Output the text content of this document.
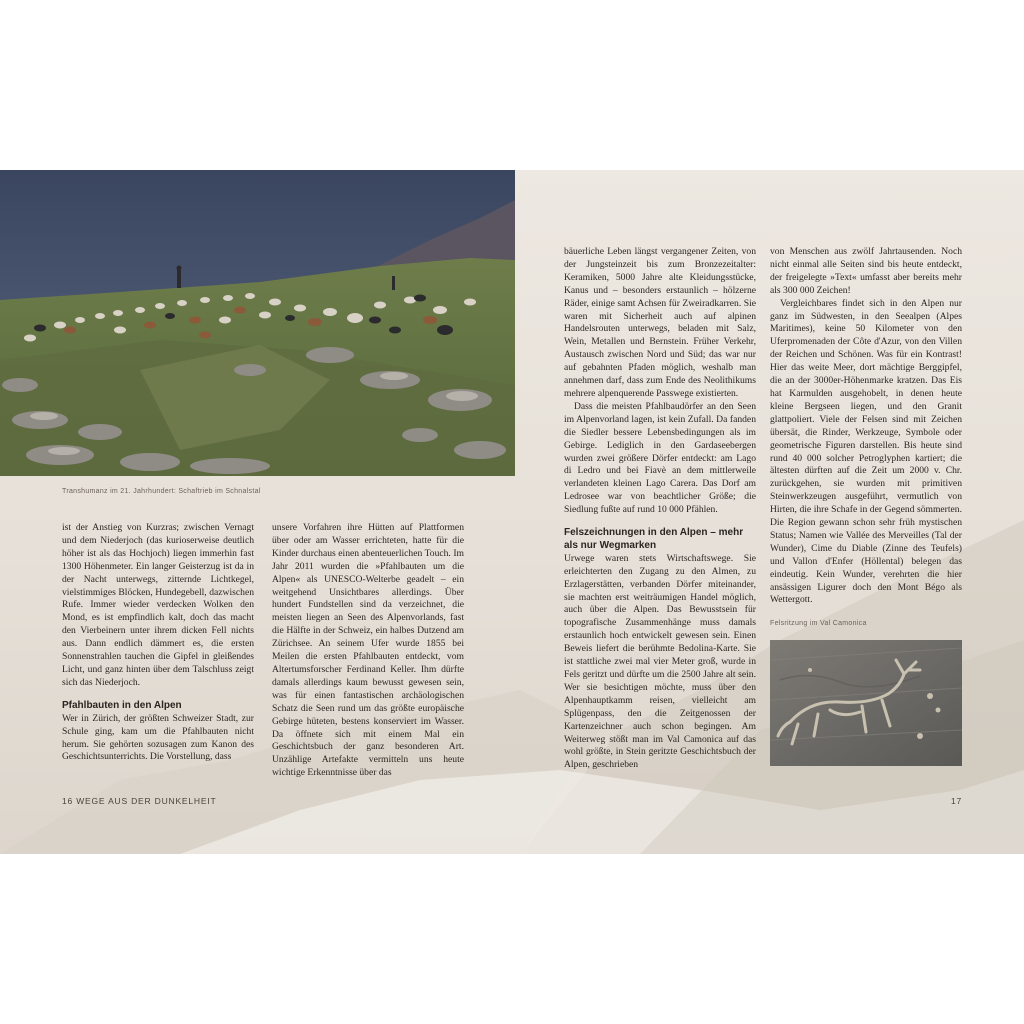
Transhumanz im 21. Jahrhundert: Schaftrieb im Schnalstal

ist der Anstieg von Kurzras; zwischen Vernagt und dem Niederjoch (das kurioserweise deutlich höher ist als das Hochjoch) liegen immerhin fast 1300 Höhenmeter. Ein langer Geisterzug ist da in der Nacht unterwegs, zitternde Lichtkegel, vielstimmiges Blöcken, Hundegebell, dazwischen Rufe. Immer wieder verdecken Wolken den Mond, es ist empfindlich kalt, doch das macht den Vierbeinern unter ihrem dicken Fell nichts aus. Dann endlich dämmert es, die ersten Sonnenstrahlen tauchen die Gipfel in gleißendes Licht, und ganz hinten über dem Talschluss zeigt sich das Niederjoch.

Pfahlbauten in den Alpen

Wer in Zürich, der größten Schweizer Stadt, zur Schule ging, kam um die Pfahlbauten nicht herum. Sie gehörten sozusagen zum Kanon des Geschichtsunterrichts. Die Vorstellung, dass

unsere Vorfahren ihre Hütten auf Plattformen über oder am Wasser errichteten, hatte für die Kinder durchaus einen abenteuerlichen Touch. Im Jahr 2011 wurden die »Pfahlbauten um die Alpen« als UNESCO-Welterbe geadelt – ein weitgehend Unsichtbares allerdings. Über hundert Fundstellen sind da verzeichnet, die meisten liegen an Seen des Alpenvorlands, fast die Hälfte in der Schweiz, ein halbes Dutzend am Zürichsee. An seinem Ufer wurde 1855 bei Meilen die ersten Pfahlbauten entdeckt, vom Altertumsforscher Ferdinand Keller. Ihm dürfte damals allerdings kaum bewusst gewesen sein, was für einen fantastischen archäologischen Schatz die Seen rund um das größte europäische Gebirge hüteten, bestens konserviert im Wasser. Da öffnete sich mit einem Mal ein Geschichtsbuch der ganz besonderen Art. Unzählige Artefakte vermitteln uns heute wichtige Erkenntnisse über das

bäuerliche Leben längst vergangener Zeiten, von der Jungsteinzeit bis zum Bronzezeitalter: Keramiken, 5000 Jahre alte Kleidungsstücke, Kanus und – besonders erstaunlich – hölzerne Räder, einige samt Achsen für Zweiradkarren. Sie waren mit Sicherheit auch auf alpinen Handelsrouten unterwegs, beladen mit Salz, Wein, Metallen und Bernstein. Früher Verkehr, Austausch zwischen Nord und Süd; das war nur auf gebahnten Pfaden möglich, weshalb man annehmen darf, dass zum Ende des Neolithikums mehrere alpenquerende Passwege existierten.

Dass die meisten Pfahlbaudörfer an den Seen im Alpenvorland lagen, ist kein Zufall. Da fanden die Siedler bessere Lebensbedingungen als im Gebirge. Lediglich in den Gardaseebergen wurden zwei größere Dörfer entdeckt: am Lago di Ledro und bei Fiavè an dem mittlerweile verlandeten kleinen Lago Carera. Das Dorf am Ledrosee war von beachtlicher Größe; die Siedlung fußte auf rund 10 000 Pfählen.

Felszeichnungen in den Alpen – mehr als nur Wegmarken

Urwege waren stets Wirtschaftswege. Sie erleichterten den Zugang zu den Almen, zu Erzlagerstätten, verbanden Dörfer miteinander, sie machten erst weiträumigen Handel möglich, auch über die Alpen. Das Bewusstsein für topografische Zusammenhänge muss damals erstaunlich hoch entwickelt gewesen sein. Einen Beweis liefert die berühmte Bedolina-Karte. Sie ist stattliche zwei mal vier Meter groß, wurde in Fels geritzt und dürfte um die 2500 Jahre alt sein. Wer sie besichtigen möchte, muss über den Alpenhauptkamm reisen, vielleicht am Splügenpass, den die Zeitgenossen der Kartenzeichner auch schon begingen. Am Weiterweg stößt man im Val Camonica auf das wohl größte, in Stein geritzte Geschichtsbuch der Alpen, geschrieben

von Menschen aus zwölf Jahrtausenden. Noch nicht einmal alle Seiten sind bis heute entdeckt, der freigelegte »Text« umfasst aber bereits mehr als 300 000 Zeichen!

Vergleichbares findet sich in den Alpen nur ganz im Südwesten, in den Seealpen (Alpes Maritimes), keine 50 Kilometer von den Uferpromenaden der Côte d'Azur, von den Villen der Reichen und Schönen. Was für ein Kontrast! Hier das weite Meer, dort mächtige Berggipfel, die an der 3000er-Höhenmarke kratzen. Das Eis hat Karmulden ausgehobelt, in denen heute kleine Bergseen liegen, und den Granit glattpoliert. Viele der Felsen sind mit Zeichen übersät, die Rinder, Werkzeuge, Symbole oder geometrische Figuren darstellen. Bis heute sind rund 40 000 solcher Petroglyphen kartiert; die ältesten dürften auf die Zeit um 2000 v. Chr. zurückgehen, sie wurden mit primitiven Steinwerkzeugen ausgeführt, vermutlich von Hirten, die ihre Schafe in der Gegend sömmerten. Die Region gewann schon sehr früh mystischen Status; Namen wie Vallée des Merveilles (Tal der Wunder), Cime du Diable (Zinne des Teufels) und Vallon d'Enfer (Höllental) belegen das eindeutig. Kein Wunder, verehrten die hier ansässigen Ligurer doch den Mont Bégo als Wettergott.

Felsritzung im Val Camonica
16 WEGE AUS DER DUNKELHEIT	17
